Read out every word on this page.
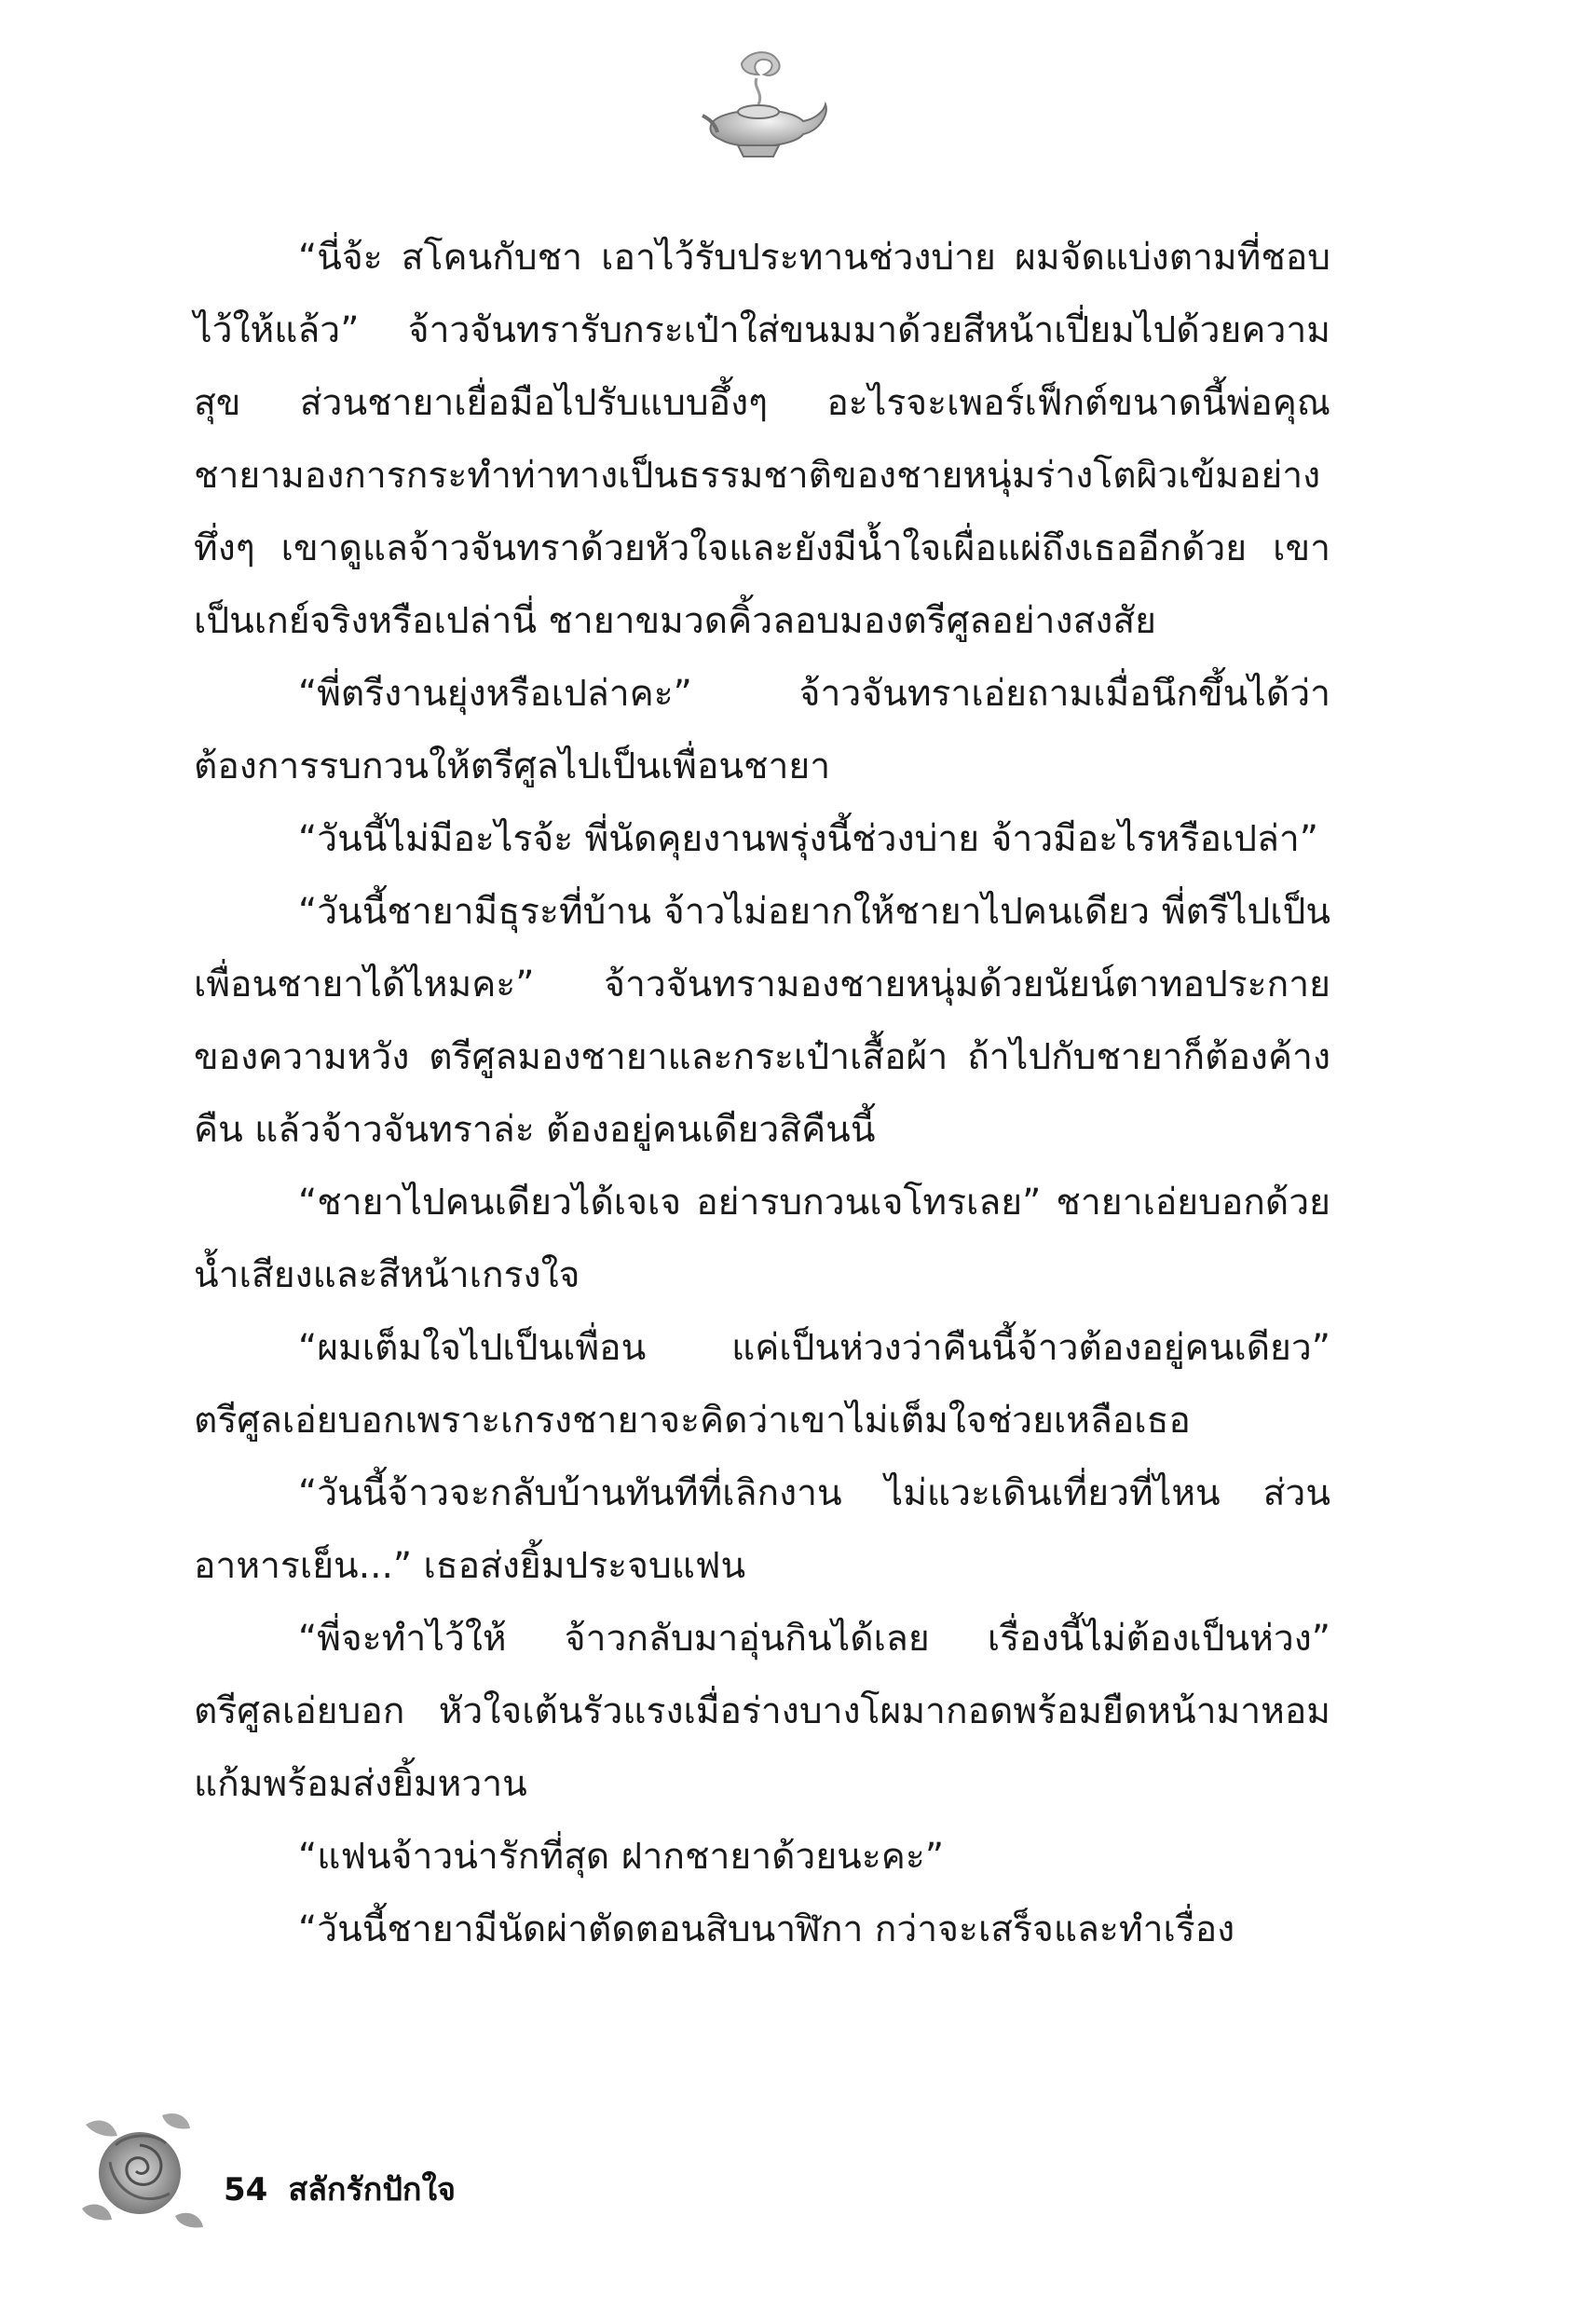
“นี่จ้ะ สโคนกับชา เอาไว้รับประทานช่วงบ่าย ผมจัดแบ่งตามที่ชอบไว้ให้แล้ว” จ้าวจันทรารับกระเป๋าใส่ขนมมาด้วยสีหน้าเปี่ยมไปด้วยความสุข ส่วนชายาเยื่อมือไปรับแบบอึ้งๆ อะไรจะเพอร์เฟ็กต์ขนาดนี้พ่อคุณ ชายามองการกระทำท่าทางเป็นธรรมชาติของชายหนุ่มร่างโตผิวเข้มอย่างทึ่งๆ เขาดูแลจ้าวจันทราด้วยหัวใจและยังมีน้ำใจเผื่อแผ่ถึงเธออีกด้วย เขาเป็นเกย์จริงหรือเปล่านี่ ชายาขมวดคิ้วลอบมองตรีศูลอย่างสงสัย

“พี่ตรีงานยุ่งหรือเปล่าคะ” จ้าวจันทราเอ่ยถามเมื่อนึกขึ้นได้ว่าต้องการรบกวนให้ตรีศูลไปเป็นเพื่อนชายา

“วันนี้ไม่มีอะไรจ้ะ พี่นัดคุยงานพรุ่งนี้ช่วงบ่าย จ้าวมีอะไรหรือเปล่า”

“วันนี้ชายามีธุระที่บ้าน จ้าวไม่อยากให้ชายาไปคนเดียว พี่ตรีไปเป็นเพื่อนชายาได้ไหมคะ” จ้าวจันทรามองชายหนุ่มด้วยนัยน์ตาทอประกายของความหวัง ตรีศูลมองชายาและกระเป๋าเสื้อผ้า ถ้าไปกับชายาก็ต้องค้างคืน แล้วจ้าวจันทราล่ะ ต้องอยู่คนเดียวสิคืนนี้

“ชายาไปคนเดียวได้เจเจ อย่ารบกวนเจโทรเลย” ชายาเอ่ยบอกด้วยน้ำเสียงและสีหน้าเกรงใจ

“ผมเต็มใจไปเป็นเพื่อน แค่เป็นห่วงว่าคืนนี้จ้าวต้องอยู่คนเดียว” ตรีศูลเอ่ยบอกเพราะเกรงชายาจะคิดว่าเขาไม่เต็มใจช่วยเหลือเธอ

“วันนี้จ้าวจะกลับบ้านทันทีที่เลิกงาน ไม่แวะเดินเที่ยวที่ไหน ส่วนอาหารเย็น...” เธอส่งยิ้มประจบแฟน

“พี่จะทำไว้ให้ จ้าวกลับมาอุ่นกินได้เลย เรื่องนี้ไม่ต้องเป็นห่วง” ตรีศูลเอ่ยบอก หัวใจเต้นรัวแรงเมื่อร่างบางโผมากอดพร้อมยืดหน้ามาหอมแก้มพร้อมส่งยิ้มหวาน

“แฟนจ้าวน่ารักที่สุด ฝากชายาด้วยนะคะ”

“วันนี้ชายามีนัดผ่าตัดตอนสิบนาฬิกา กว่าจะเสร็จและทำเรื่อง

54 สลักรักปักใจ
